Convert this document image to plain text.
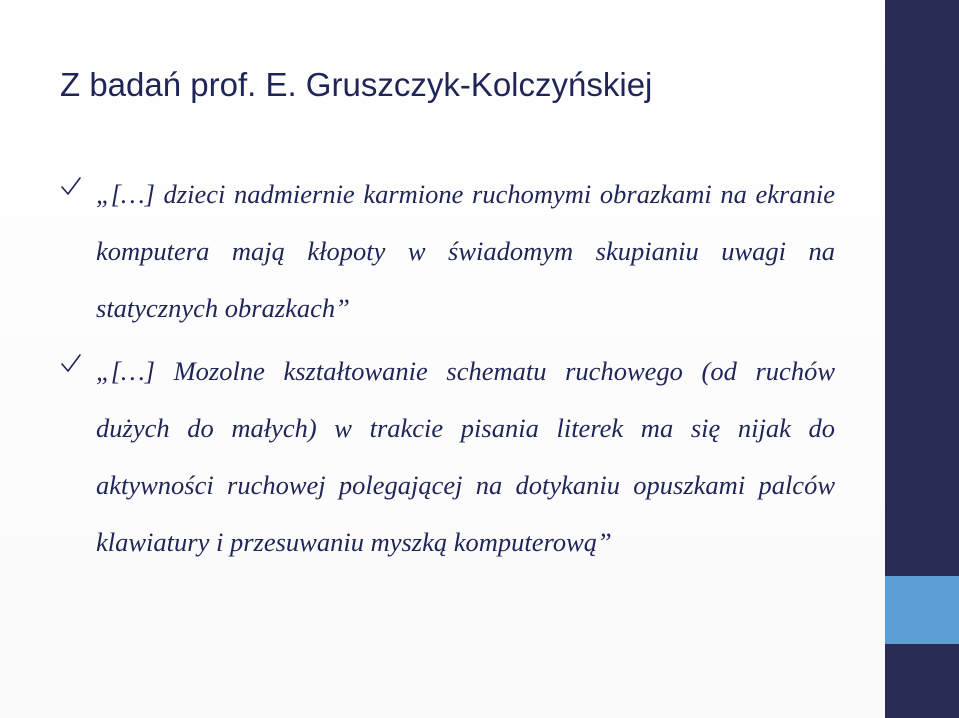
Z badań prof. E. Gruszczyk-Kolczyńskiej
„[…] dzieci nadmiernie karmione ruchomymi obrazkami na ekranie komputera mają kłopoty w świadomym skupianiu uwagi na statycznych obrazkach”
„[…] Mozolne kształtowanie schematu ruchowego (od ruchów dużych do małych) w trakcie pisania literek ma się nijak do aktywności ruchowej polegającej na dotykaniu opuszkami palców klawiatury i przesuwaniu myszką komputerową”
